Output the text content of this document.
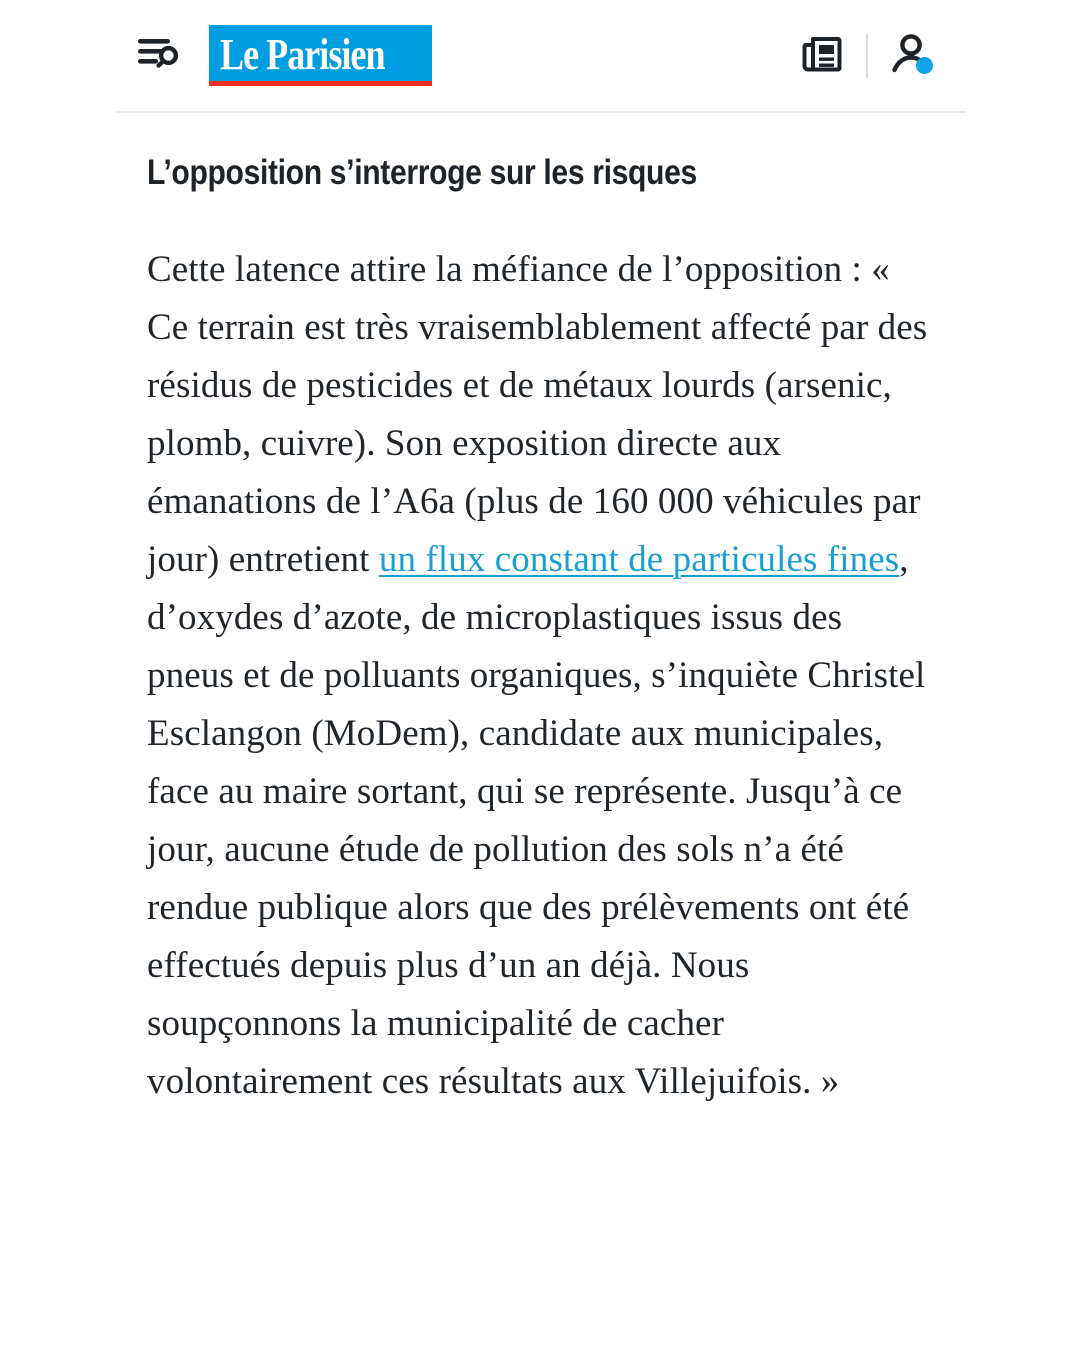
Le Parisien
L’opposition s’interroge sur les risques

Cette latence attire la méfiance de l’opposition : « Ce terrain est très vraisemblablement affecté par des résidus de pesticides et de métaux lourds (arsenic, plomb, cuivre). Son exposition directe aux émanations de l’A6a (plus de 160 000 véhicules par jour) entretient un flux constant de particules fines, d’oxydes d’azote, de microplastiques issus des pneus et de polluants organiques, s’inquiète Christel Esclangon (MoDem), candidate aux municipales, face au maire sortant, qui se représente. Jusqu’à ce jour, aucune étude de pollution des sols n’a été rendue publique alors que des prélèvements ont été effectués depuis plus d’un an déjà. Nous soupçonnons la municipalité de cacher volontairement ces résultats aux Villejuifois. »
